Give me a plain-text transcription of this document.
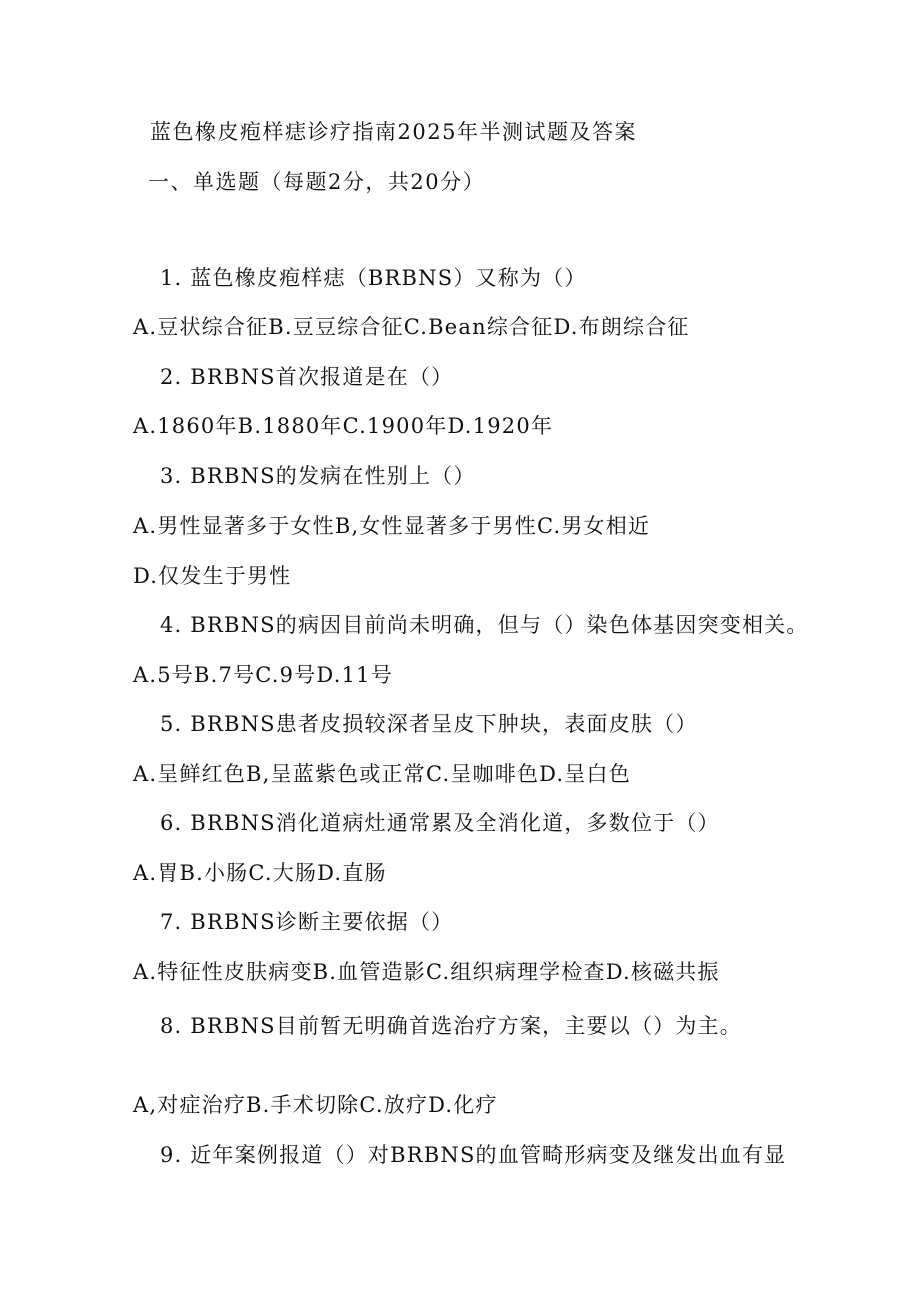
蓝色橡皮疱样痣诊疗指南2025年半测试题及答案
一、单选题（每题2分，共20分）
1. 蓝色橡皮疱样痣（BRBNS）又称为（）
A.豆状综合征B.豆豆综合征C.Bean综合征D.布朗综合征
2. BRBNS首次报道是在（）
A.1860年B.1880年C.1900年D.1920年
3. BRBNS的发病在性别上（）
A.男性显著多于女性B,女性显著多于男性C.男女相近
D.仅发生于男性
4. BRBNS的病因目前尚未明确，但与（）染色体基因突变相关。
A.5号B.7号C.9号D.11号
5. BRBNS患者皮损较深者呈皮下肿块，表面皮肤（）
A.呈鲜红色B,呈蓝紫色或正常C.呈咖啡色D.呈白色
6. BRBNS消化道病灶通常累及全消化道，多数位于（）
A.胃B.小肠C.大肠D.直肠
7. BRBNS诊断主要依据（）
A.特征性皮肤病变B.血管造影C.组织病理学检查D.核磁共振
8. BRBNS目前暂无明确首选治疗方案，主要以（）为主。
A,对症治疗B.手术切除C.放疗D.化疗
9. 近年案例报道（）对BRBNS的血管畸形病变及继发出血有显
